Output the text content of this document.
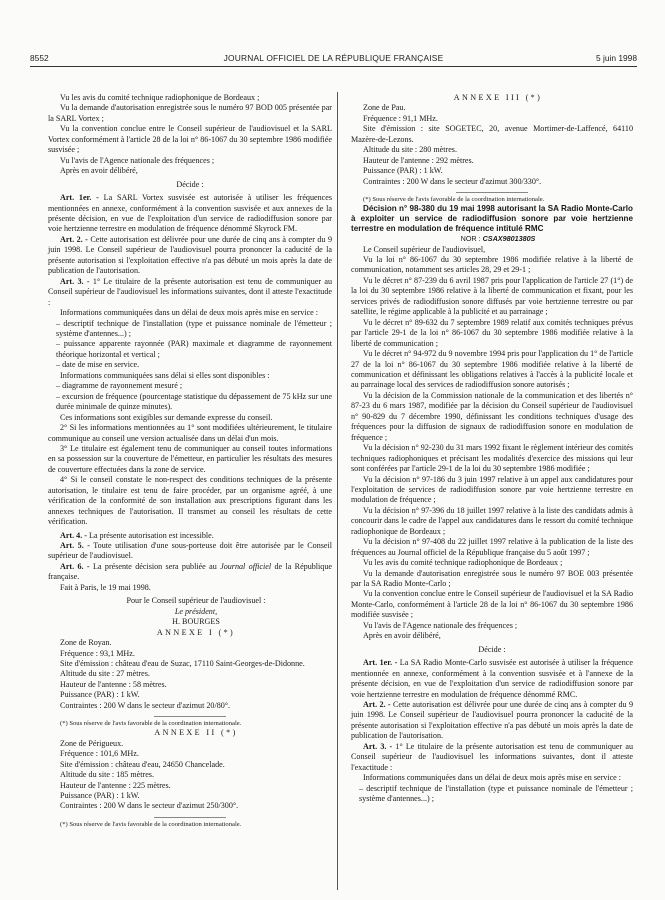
8552	JOURNAL OFFICIEL DE LA RÉPUBLIQUE FRANÇAISE	5 juin 1998

Vu les avis du comité technique radiophonique de Bordeaux ;

Vu la demande d'autorisation enregistrée sous le numéro 97 BOD 005 présentée par la SARL Vortex ;

Vu la convention conclue entre le Conseil supérieur de l'audiovisuel et la SARL Vortex conformément à l'article 28 de la loi n° 86-1067 du 30 septembre 1986 modifiée susvisée ;

Vu l'avis de l'Agence nationale des fréquences ;

Après en avoir délibéré,

Décide :

Art. 1er. - La SARL Vortex susvisée est autorisée à utiliser les fréquences mentionnées en annexe, conformément à la convention susvisée et aux annexes de la présente décision, en vue de l'exploitation d'un service de radiodiffusion sonore par voie hertzienne terrestre en modulation de fréquence dénommé Skyrock FM.

Art. 2. - Cette autorisation est délivrée pour une durée de cinq ans à compter du 9 juin 1998. Le Conseil supérieur de l'audiovisuel pourra prononcer la caducité de la présente autorisation si l'exploitation effective n'a pas débuté un mois après la date de publication de l'autorisation.

Art. 3. - 1° Le titulaire de la présente autorisation est tenu de communiquer au Conseil supérieur de l'audiovisuel les informations suivantes, dont il atteste l'exactitude :

Informations communiquées dans un délai de deux mois après mise en service :

– descriptif technique de l'installation (type et puissance nominale de l'émetteur ; système d'antennes...) ;

– puissance apparente rayonnée (PAR) maximale et diagramme de rayonnement théorique horizontal et vertical ;

– date de mise en service.

Informations communiquées sans délai si elles sont disponibles :

– diagramme de rayonnement mesuré ;

– excursion de fréquence (pourcentage statistique du dépassement de 75 kHz sur une durée minimale de quinze minutes).

Ces informations sont exigibles sur demande expresse du conseil.

2° Si les informations mentionnées au 1° sont modifiées ultérieurement, le titulaire communique au conseil une version actualisée dans un délai d'un mois.

3° Le titulaire est également tenu de communiquer au conseil toutes informations en sa possession sur la couverture de l'émetteur, en particulier les résultats des mesures de couverture effectuées dans la zone de service.

4° Si le conseil constate le non-respect des conditions techniques de la présente autorisation, le titulaire est tenu de faire procéder, par un organisme agréé, à une vérification de la conformité de son installation aux prescriptions figurant dans les annexes techniques de l'autorisation. Il transmet au conseil les résultats de cette vérification.

Art. 4. - La présente autorisation est incessible.

Art. 5. - Toute utilisation d'une sous-porteuse doit être autorisée par le Conseil supérieur de l'audiovisuel.

Art. 6. - La présente décision sera publiée au Journal officiel de la République française.

Fait à Paris, le 19 mai 1998.

Pour le Conseil supérieur de l'audiovisuel :

Le président,

H. BOURGES

ANNEXE I (*)

Zone de Royan.

Fréquence : 93,1 MHz.

Site d'émission : château d'eau de Suzac, 17110 Saint-Georges-de-Didonne.

Altitude du site : 27 mètres.

Hauteur de l'antenne : 58 mètres.

Puissance (PAR) : 1 kW.

Contraintes : 200 W dans le secteur d'azimut 20/80°.

(*) Sous réserve de l'avis favorable de la coordination internationale.

ANNEXE II (*)

Zone de Périgueux.

Fréquence : 101,6 MHz.

Site d'émission : château d'eau, 24650 Chancelade.

Altitude du site : 185 mètres.

Hauteur de l'antenne : 225 mètres.

Puissance (PAR) : 1 kW.

Contraintes : 200 W dans le secteur d'azimut 250/300°.

(*) Sous réserve de l'avis favorable de la coordination internationale.

ANNEXE III (*)

Zone de Pau.

Fréquence : 91,1 MHz.

Site d'émission : site SOGETEC, 20, avenue Mortimer-de-Laffencé, 64110 Mazère-de-Lezons.

Altitude du site : 280 mètres.

Hauteur de l'antenne : 292 mètres.

Puissance (PAR) : 1 kW.

Contraintes : 200 W dans le secteur d'azimut 300/330°.

(*) Sous réserve de l'avis favorable de la coordination internationale.

Décision n° 98-380 du 19 mai 1998 autorisant la SA Radio Monte-Carlo à exploiter un service de radiodiffusion sonore par voie hertzienne terrestre en modulation de fréquence intitulé RMC

NOR : CSAX9801380S

Le Conseil supérieur de l'audiovisuel,

Vu la loi n° 86-1067 du 30 septembre 1986 modifiée relative à la liberté de communication, notamment ses articles 28, 29 et 29-1 ;

Vu le décret n° 87-239 du 6 avril 1987 pris pour l'application de l'article 27 (1°) de la loi du 30 septembre 1986 relative à la liberté de communication et fixant, pour les services privés de radiodiffusion sonore diffusés par voie hertzienne terrestre ou par satellite, le régime applicable à la publicité et au parrainage ;

Vu le décret n° 89-632 du 7 septembre 1989 relatif aux comités techniques prévus par l'article 29-1 de la loi n° 86-1067 du 30 septembre 1986 modifiée relative à la liberté de communication ;

Vu le décret n° 94-972 du 9 novembre 1994 pris pour l'application du 1° de l'article 27 de la loi n° 86-1067 du 30 septembre 1986 modifiée relative à la liberté de communication et définissant les obligations relatives à l'accès à la publicité locale et au parrainage local des services de radiodiffusion sonore autorisés ;

Vu la décision de la Commission nationale de la communication et des libertés n° 87-23 du 6 mars 1987, modifiée par la décision du Conseil supérieur de l'audiovisuel n° 90-829 du 7 décembre 1990, définissant les conditions techniques d'usage des fréquences pour la diffusion de signaux de radiodiffusion sonore en modulation de fréquence ;

Vu la décision n° 92-230 du 31 mars 1992 fixant le règlement intérieur des comités techniques radiophoniques et précisant les modalités d'exercice des missions qui leur sont conférées par l'article 29-1 de la loi du 30 septembre 1986 modifiée ;

Vu la décision n° 97-186 du 3 juin 1997 relative à un appel aux candidatures pour l'exploitation de services de radiodiffusion sonore par voie hertzienne terrestre en modulation de fréquence ;

Vu la décision n° 97-396 du 18 juillet 1997 relative à la liste des candidats admis à concourir dans le cadre de l'appel aux candidatures dans le ressort du comité technique radiophonique de Bordeaux ;

Vu la décision n° 97-408 du 22 juillet 1997 relative à la publication de la liste des fréquences au Journal officiel de la République française du 5 août 1997 ;

Vu les avis du comité technique radiophonique de Bordeaux ;

Vu la demande d'autorisation enregistrée sous le numéro 97 BOE 003 présentée par la SA Radio Monte-Carlo ;

Vu la convention conclue entre le Conseil supérieur de l'audiovisuel et la SA Radio Monte-Carlo, conformément à l'article 28 de la loi n° 86-1067 du 30 septembre 1986 modifiée susvisée ;

Vu l'avis de l'Agence nationale des fréquences ;

Après en avoir délibéré,

Décide :

Art. 1er. - La SA Radio Monte-Carlo susvisée est autorisée à utiliser la fréquence mentionnée en annexe, conformément à la convention susvisée et à l'annexe de la présente décision, en vue de l'exploitation d'un service de radiodiffusion sonore par voie hertzienne terrestre en modulation de fréquence dénommé RMC.

Art. 2. - Cette autorisation est délivrée pour une durée de cinq ans à compter du 9 juin 1998. Le Conseil supérieur de l'audiovisuel pourra prononcer la caducité de la présente autorisation si l'exploitation effective n'a pas débuté un mois après la date de publication de l'autorisation.

Art. 3. - 1° Le titulaire de la présente autorisation est tenu de communiquer au Conseil supérieur de l'audiovisuel les informations suivantes, dont il atteste l'exactitude :

Informations communiquées dans un délai de deux mois après mise en service :

– descriptif technique de l'installation (type et puissance nominale de l'émetteur ; système d'antennes...) ;
